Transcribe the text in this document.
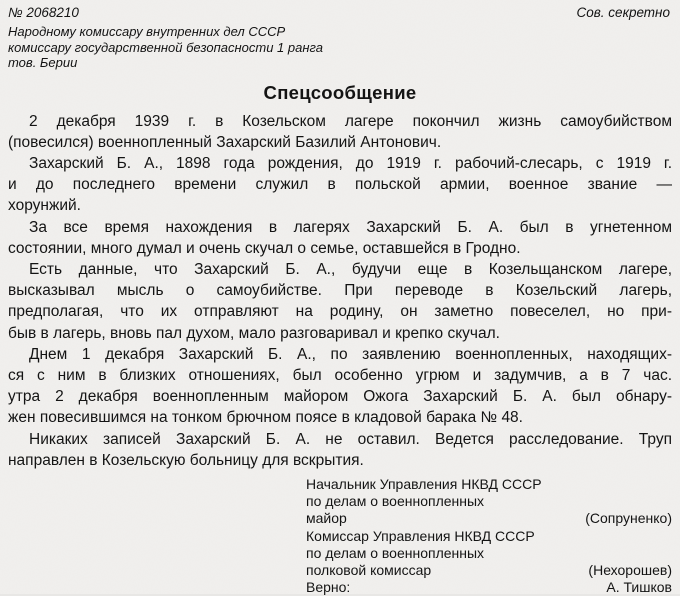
№ 2068210	Сов. секретно
Народному комиссару внутренних дел СССР
комиссару государственной безопасности 1 ранга
тов. Берии
Спецсообщение
2 декабря 1939 г. в Козельском лагере покончил жизнь самоубийством
(повесился) военнопленный Захарский Базилий Антонович.
Захарский Б. А., 1898 года рождения, до 1919 г. рабочий-слесарь, с 1919 г.
и до последнего времени служил в польской армии, военное звание —
хорунжий.
За все время нахождения в лагерях Захарский Б. А. был в угнетенном
состоянии, много думал и очень скучал о семье, оставшейся в Гродно.
Есть данные, что Захарский Б. А., будучи еще в Козельщанском лагере,
высказывал мысль о самоубийстве. При переводе в Козельский лагерь,
предполагая, что их отправляют на родину, он заметно повеселел, но при-
быв в лагерь, вновь пал духом, мало разговаривал и крепко скучал.
Днем 1 декабря Захарский Б. А., по заявлению военнопленных, находящих-
ся с ним в близких отношениях, был особенно угрюм и задумчив, а в 7 час.
утра 2 декабря военнопленным майором Ожога Захарский Б. А. был обнару-
жен повесившимся на тонком брючном поясе в кладовой барака № 48.
Никаких записей Захарский Б. А. не оставил. Ведется расследование. Труп
направлен в Козельскую больницу для вскрытия.
Начальник Управления НКВД СССР
по делам о военнопленных
майор	(Сопруненко)
Комиссар Управления НКВД СССР
по делам о военнопленных
полковой комиссар	(Нехорошев)
Верно:	А. Тишков
